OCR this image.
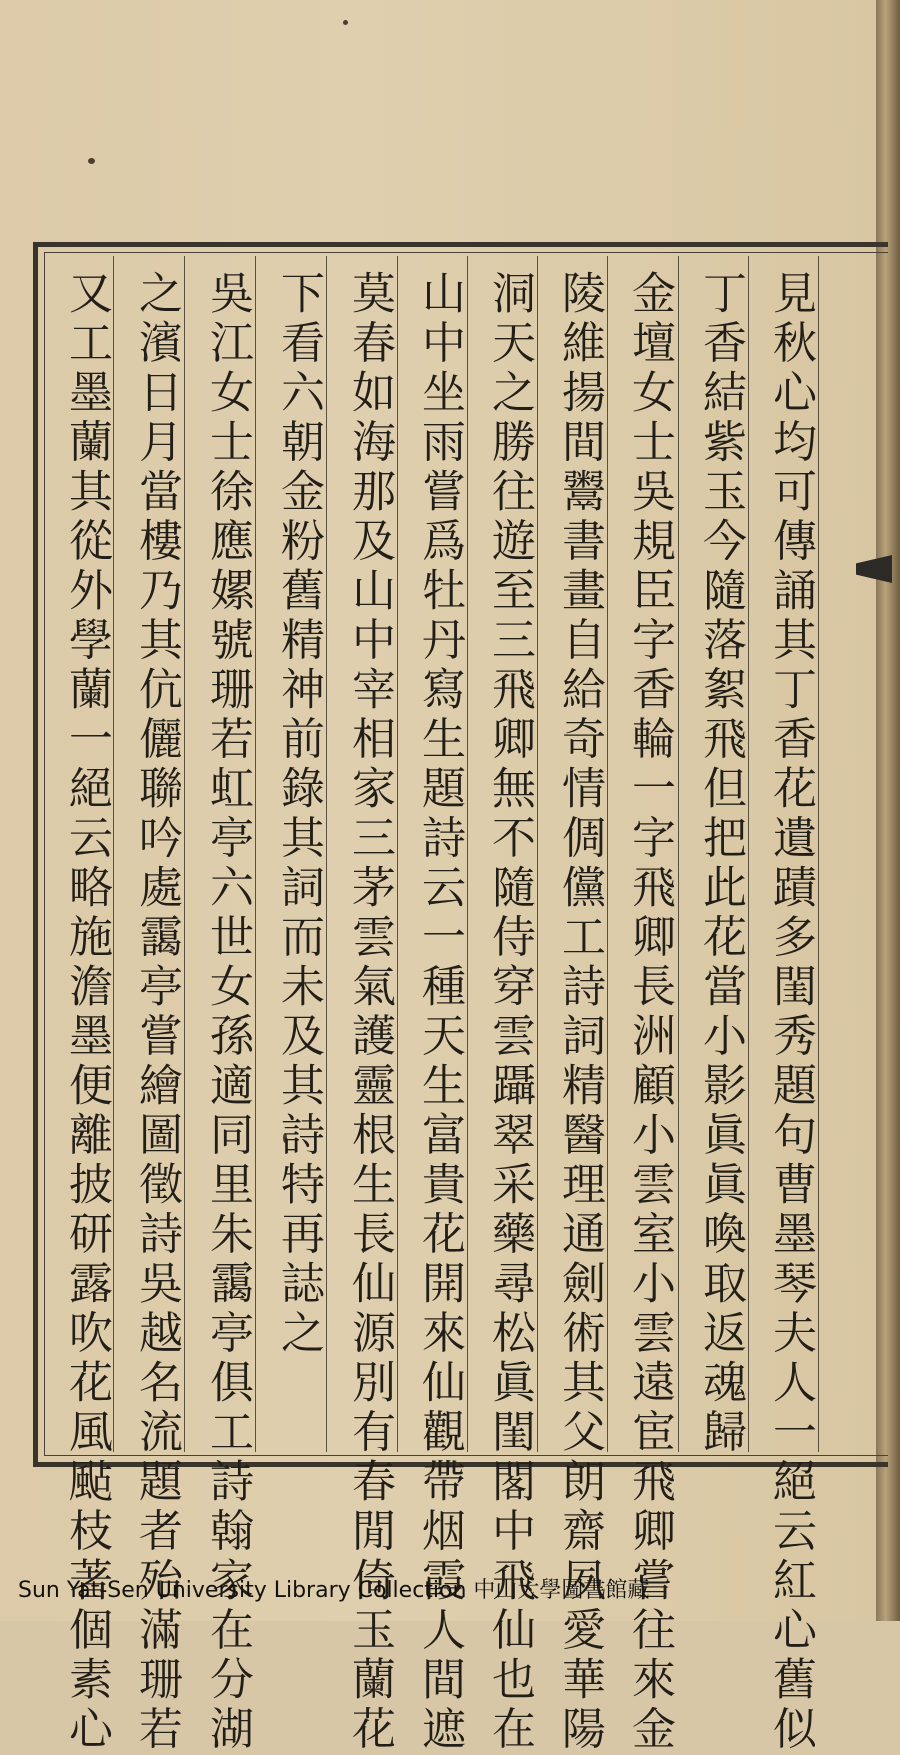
見秋心均可傳誦其丁香花遺蹟多閨秀題句曹墨琴夫人一絕云紅心舊似

丁香結紫玉今隨落絮飛但把此花當小影眞眞喚取返魂歸

金壇女士吳規臣字香輪一字飛卿長洲顧小雲室小雲遠宦飛卿嘗往來金

陵維揚間鬻書畫自給奇情倜儻工詩詞精醫理通劍術其父朗齋夙愛華陽

洞天之勝往遊至三飛卿無不隨侍穿雲躡翠采藥尋松眞閨閣中飛仙也在

山中坐雨嘗爲牡丹寫生題詩云一種天生富貴花開來仙觀帶烟霞人間遮

莫春如海那及山中宰相家三茅雲氣護靈根生長仙源別有春閒倚玉蘭花

下看六朝金粉舊精神前錄其詞而未及其詩特再誌之

吳江女士徐應嫘號珊若虹亭六世女孫適同里朱靄亭俱工詩翰家在分湖

之濱日月當樓乃其伉儷聯吟處靄亭嘗繪圖徵詩吳越名流題者殆滿珊若

又工墨蘭其從外學蘭一絕云略施澹墨便離披研露吹花風颭枝著個素心

Sun Yat-Sen University Library Collection 中山大學圖書館藏
